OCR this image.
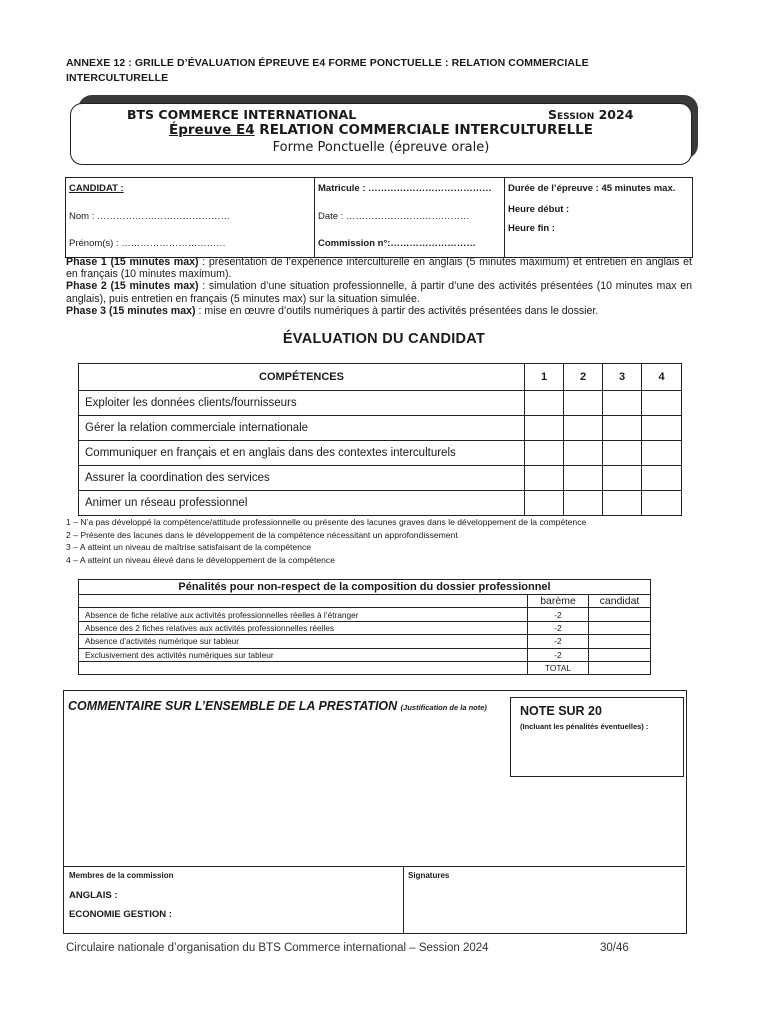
ANNEXE 12 : GRILLE D’ÉVALUATION ÉPREUVE E4 FORME PONCTUELLE : RELATION COMMERCIALE INTERCULTURELLE
BTS COMMERCE INTERNATIONAL	Session 2024
Épreuve E4 RELATION COMMERCIALE INTERCULTURELLE
Forme Ponctuelle (épreuve orale)
CANDIDAT :
Nom : ……………………………………
Prénom(s) : ……………………………

Matricule : …………………………………
Date : …………………………………
Commission n°:………………………

Durée de l’épreuve : 45 minutes max.
Heure début :
Heure fin :
Phase 1 (15 minutes max) : présentation de l’expérience interculturelle en anglais (5 minutes maximum) et entretien en anglais et en français (10 minutes maximum).
Phase 2 (15 minutes max) : simulation d’une situation professionnelle, à partir d’une des activités présentées (10 minutes max en anglais), puis entretien en français (5 minutes max) sur la situation simulée.
Phase 3 (15 minutes max) : mise en œuvre d’outils numériques à partir des activités présentées dans le dossier.
ÉVALUATION DU CANDIDAT
COMPÉTENCES	1	2	3	4
Exploiter les données clients/fournisseurs				
Gérer la relation commerciale internationale				
Communiquer en français et en anglais dans des contextes interculturels				
Assurer la coordination des services				
Animer un réseau professionnel				
1 – N’a pas développé la compétence/attitude professionnelle ou présente des lacunes graves dans le développement de la compétence
2 – Présente des lacunes dans le développement de la compétence nécessitant un approfondissement
3 – A atteint un niveau de maîtrise satisfaisant de la compétence
4 – A atteint un niveau élevé dans le développement de la compétence
Pénalités pour non-respect de la composition du dossier professionnel		
	barème	candidat
Absence de fiche relative aux activités professionnelles réelles à l’étranger	-2	
Absence des 2 fiches relatives aux activités professionnelles réelles	-2	
Absence d’activités numérique sur tableur	-2	
Exclusivement des activités numériques sur tableur	-2	
	TOTAL	
COMMENTAIRE SUR L’ENSEMBLE DE LA PRESTATION (Justification de la note)	NOTE SUR 20
(Incluant les pénalités éventuelles) :
Membres de la commission
ANGLAIS :
ECONOMIE GESTION :
Signatures
Circulaire nationale d’organisation du BTS Commerce international – Session 2024	30/46
